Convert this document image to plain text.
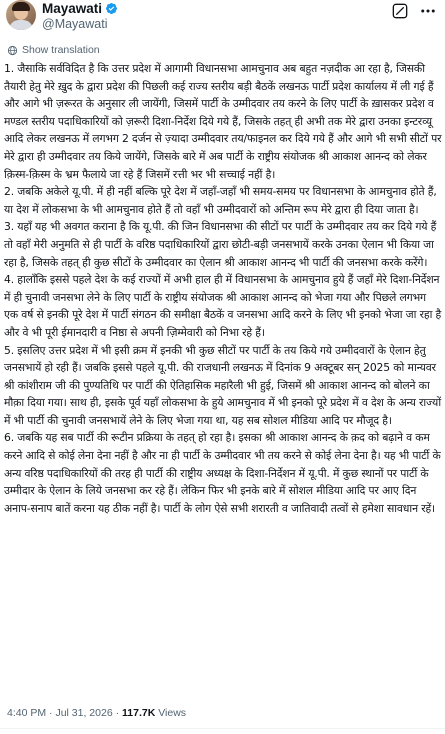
Mayawati
@Mayawati
Show translation

1. जैसाकि सर्वविदित है कि उत्तर प्रदेश में आगामी विधानसभा आमचुनाव अब बहुत नज़दीक आ रहा है, जिसकी तैयारी हेतु मेरे ख़ुद के द्वारा प्रदेश की पिछली कई राज्य स्तरीय बड़ी बैठकें लखनऊ पार्टी प्रदेश कार्यालय में ली गई हैं और आगे भी ज़रूरत के अनुसार ली जायेंगी, जिसमें पार्टी के उम्मीदवार तय करने के लिए पार्टी के ख़ासकर प्रदेश व मण्डल स्तरीय पदाधिकारियों को ज़रूरी दिशा-निर्देश दिये गये हैं, जिसके तहत् ही अभी तक मेरे द्वारा उनका इन्टरव्यू आदि लेकर लखनऊ में लगभग 2 दर्जन से ज़्यादा उम्मीदवार तय/फाइनल कर दिये गये हैं और आगे भी सभी सीटों पर मेरे द्वारा ही उम्मीदवार तय किये जायेंगे, जिसके बारे में अब पार्टी के राष्ट्रीय संयोजक श्री आकाश आनन्द को लेकर क़िस्म-क़िस्म के भ्रम फैलाये जा रहे हैं जिसमें रत्ती भर भी सच्चाई नहीं है।

2. जबकि अकेले यू.पी. में ही नहीं बल्कि पूरे देश में जहाँ-जहाँ भी समय-समय पर विधानसभा के आमचुनाव होते हैं, या देश में लोकसभा के भी आमचुनाव होते हैं तो वहाँ भी उम्मीदवारों को अन्तिम रूप मेरे द्वारा ही दिया जाता है।

3. यहाँ यह भी अवगत कराना है कि यू.पी. की जिन विधानसभा की सीटों पर पार्टी के उम्मीदवार तय कर दिये गये हैं तो वहाँ मेरी अनुमति से ही पार्टी के वरिष्ठ पदाधिकारियों द्वारा छोटी-बड़ी जनसभायें करके उनका ऐलान भी किया जा रहा है, जिसके तहत् ही कुछ सीटों के उम्मीदवार का ऐलान श्री आकाश आनन्द भी पार्टी की जनसभा करके करेंगे।

4. हालाँकि इससे पहले देश के कई राज्यों में अभी हाल ही में विधानसभा के आमचुनाव हुये हैं जहाँ मेरे दिशा-निर्देशन में ही चुनावी जनसभा लेने के लिए पार्टी के राष्ट्रीय संयोजक श्री आकाश आनन्द को भेजा गया और पिछले लगभग एक वर्ष से इनकी पूरे देश में पार्टी संगठन की समीक्षा बैठकें व जनसभा आदि करने के लिए भी इनको भेजा जा रहा है और वे भी पूरी ईमानदारी व निष्ठा से अपनी ज़िम्मेवारी को निभा रहे हैं।

5. इसलिए उत्तर प्रदेश में भी इसी क्रम में इनकी भी कुछ सीटों पर पार्टी के तय किये गये उम्मीदवारों के ऐलान हेतु जनसभायें हो रही हैं। जबकि इससे पहले यू.पी. की राजधानी लखनऊ में दिनांक 9 अक्टूबर सन् 2025 को मान्यवर श्री कांशीराम जी की पुण्यतिथि पर पार्टी की ऐतिहासिक महारैली भी हुई, जिसमें श्री आकाश आनन्द को बोलने का मौक़ा दिया गया। साथ ही, इसके पूर्व यहाँ लोकसभा के हुये आमचुनाव में भी इनको पूरे प्रदेश में व देश के अन्य राज्यों में भी पार्टी की चुनावी जनसभायें लेने के लिए भेजा गया था, यह सब सोशल मीडिया आदि पर मौजूद है।

6. जबकि यह सब पार्टी की रूटीन प्रक्रिया के तहत् हो रहा है। इसका श्री आकाश आनन्द के क़द को बढ़ाने व कम करने आदि से कोई लेना देना नहीं है और ना ही पार्टी के उम्मीदवार भी तय करने से कोई लेना देना है। यह भी पार्टी के अन्य वरिष्ठ पदाधिकारियों की तरह ही पार्टी की राष्ट्रीय अध्यक्ष के दिशा-निर्देशन में यू.पी. में कुछ स्थानों पर पार्टी के उम्मीदार के ऐलान के लिये जनसभा कर रहे हैं। लेकिन फिर भी इनके बारे में सोशल मीडिया आदि पर आए दिन अनाप-सनाप बातें करना यह ठीक नहीं है। पार्टी के लोग ऐसे सभी शरारती व जातिवादी तत्वों से हमेशा सावधान रहें।

4:40 PM · Jul 31, 2026 · 117.7K Views
